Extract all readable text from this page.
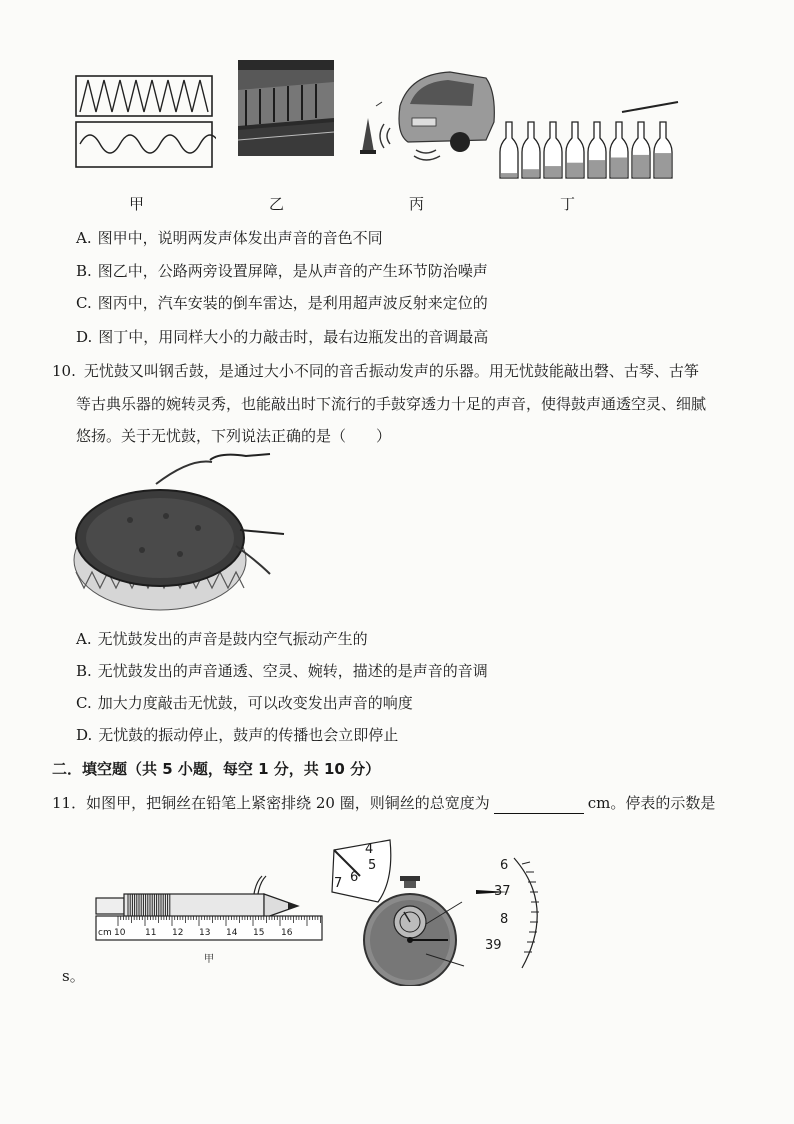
甲	乙	丙	丁
A. 图甲中，说明两发声体发出声音的音色不同
B. 图乙中，公路两旁设置屏障，是从声音的产生环节防治噪声
C. 图丙中，汽车安装的倒车雷达，是利用超声波反射来定位的
D. 图丁中，用同样大小的力敲击时，最右边瓶发出的音调最高
10. 无忧鼓又叫钢舌鼓，是通过大小不同的音舌振动发声的乐器。用无忧鼓能敲出磬、古琴、古筝
等古典乐器的婉转灵秀，也能敲出时下流行的手鼓穿透力十足的声音，使得鼓声通透空灵、细腻
悠扬。关于无忧鼓，下列说法正确的是（　　）
A. 无忧鼓发出的声音是鼓内空气振动产生的
B. 无忧鼓发出的声音通透、空灵、婉转，描述的是声音的音调
C. 加大力度敲击无忧鼓，可以改变发出声音的响度
D. 无忧鼓的振动停止，鼓声的传播也会立即停止
二．填空题（共 5 小题，每空 1 分，共 10 分）
11．如图甲，把铜丝在铅笔上紧密排绕 20 圈，则铜丝的总宽度为	cm。停表的示数是
cm 10 11 12 13 14 15 16
甲
4
5
6
7
6
37
8
39
s。
